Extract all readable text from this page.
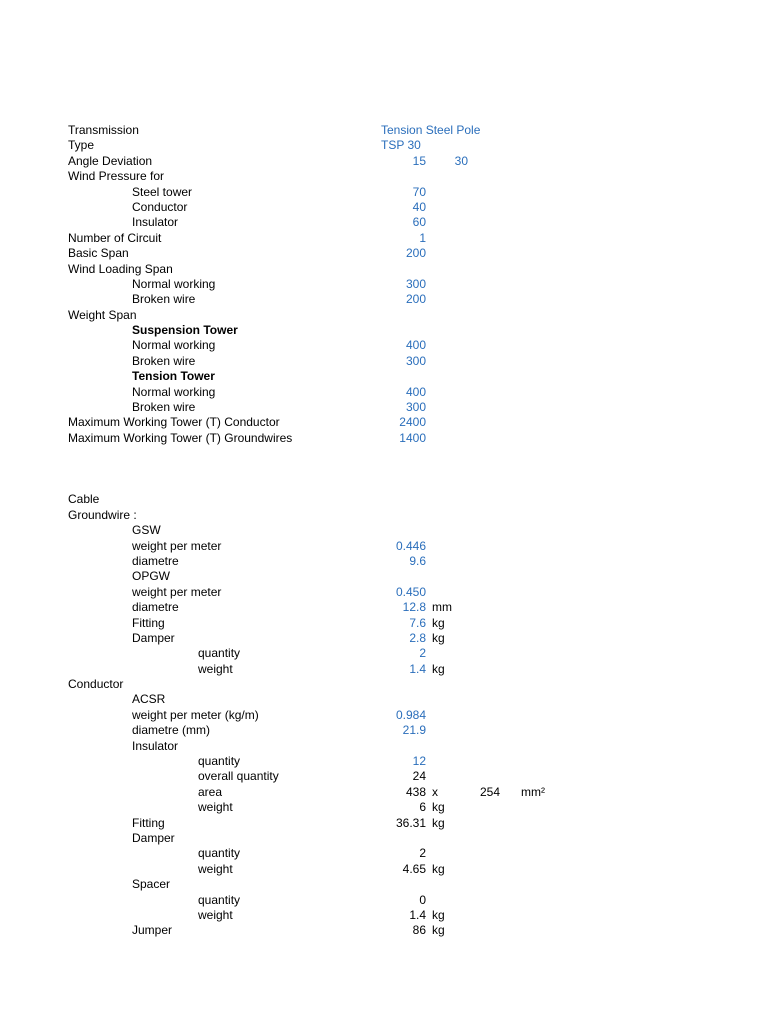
Transmission	Tension Steel Pole
Type	TSP 30
Angle Deviation	15 30
Wind Pressure for
Steel tower	70
Conductor	40
Insulator	60
Number of Circuit	1
Basic Span	200
Wind Loading Span
Normal working	300
Broken wire	200
Weight Span
Suspension Tower
Normal working	400
Broken wire	300
Tension Tower
Normal working	400
Broken wire	300
Maximum Working Tower (T) Conductor	2400
Maximum Working Tower (T) Groundwires	1400
Cable
Groundwire :
GSW
weight per meter	0.446
diametre	9.6
OPGW
weight per meter	0.450
diametre	12.8 mm
Fitting	7.6 kg
Damper	2.8 kg
quantity	2
weight	1.4 kg
Conductor
ACSR
weight per meter (kg/m)	0.984
diametre (mm)	21.9
Insulator
quantity	12
overall quantity	24
area	438 x	254 mm²
weight	6 kg
Fitting	36.31 kg
Damper
quantity	2
weight	4.65 kg
Spacer
quantity	0
weight	1.4 kg
Jumper	86 kg
